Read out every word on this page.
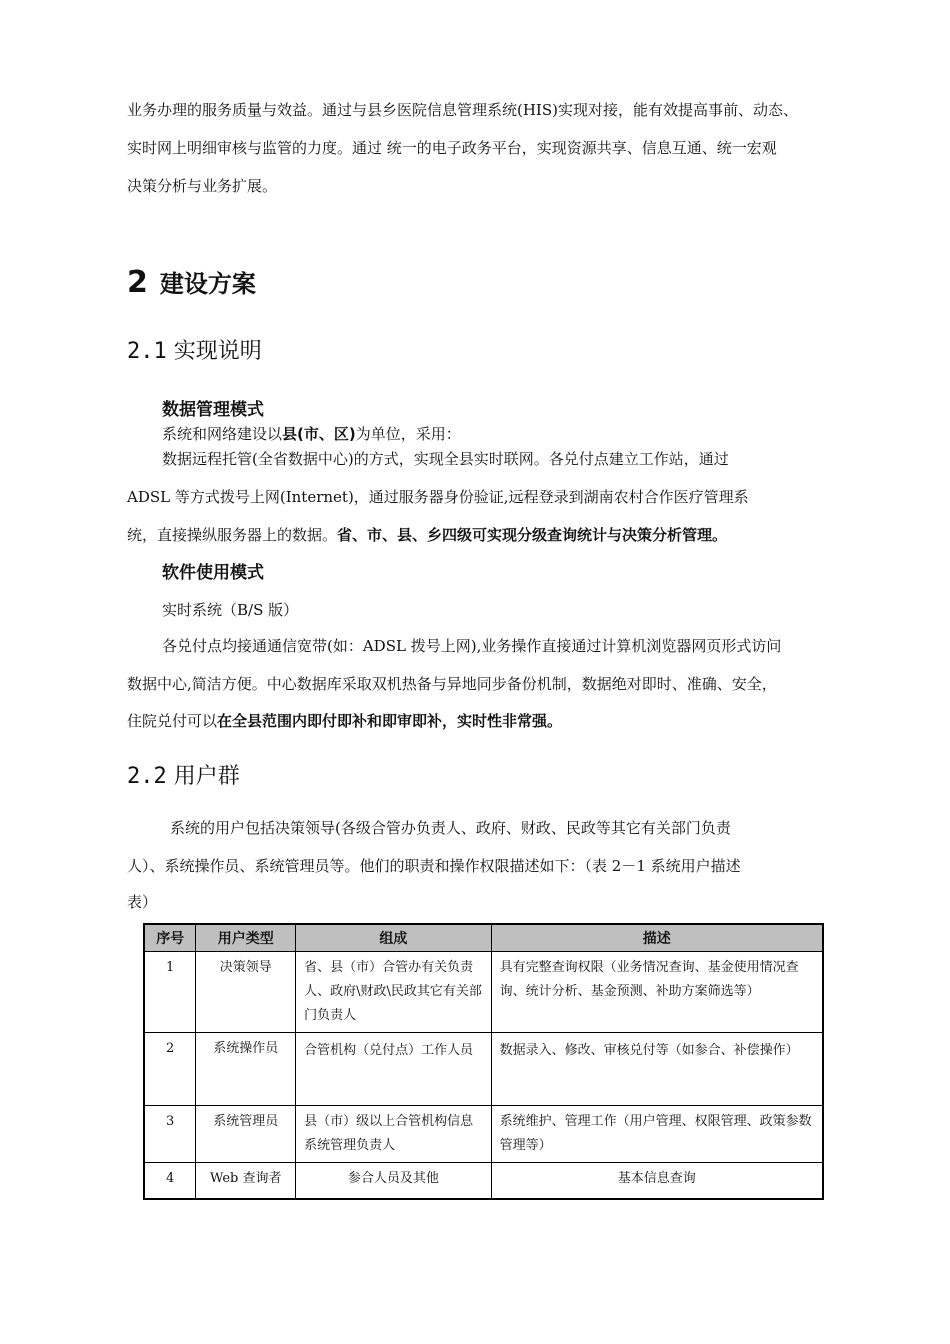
业务办理的服务质量与效益。通过与县乡医院信息管理系统(HIS)实现对接，能有效提高事前、动态、
实时网上明细审核与监管的力度。通过 统一的电子政务平台，实现资源共享、信息互通、统一宏观
决策分析与业务扩展。
2 建设方案
2.1 实现说明
数据管理模式
系统和网络建设以县(市、区)为单位，采用：
数据远程托管(全省数据中心)的方式，实现全县实时联网。各兑付点建立工作站，通过
ADSL 等方式拨号上网(Internet)，通过服务器身份验证,远程登录到湖南农村合作医疗管理系
统，直接操纵服务器上的数据。省、市、县、乡四级可实现分级查询统计与决策分析管理。
软件使用模式
实时系统（B/S 版）
各兑付点均接通通信宽带(如：ADSL 拨号上网),业务操作直接通过计算机浏览器网页形式访问
数据中心,简洁方便。中心数据库采取双机热备与异地同步备份机制，数据绝对即时、准确、安全，
住院兑付可以在全县范围内即付即补和即审即补，实时性非常强。
2.2 用户群
系统的用户包括决策领导(各级合管办负责人、政府、财政、民政等其它有关部门负责
人）、系统操作员、系统管理员等。他们的职责和操作权限描述如下：（表 2－1 系统用户描述
表）
序号	用户类型	组成	描述
1	决策领导	省、县（市）合管办有关负责人、政府\财政\民政其它有关部门负责人	具有完整查询权限（业务情况查询、基金使用情况查询、统计分析、基金预测、补助方案筛选等）
2	系统操作员	合管机构（兑付点）工作人员	数据录入、修改、审核兑付等（如参合、补偿操作）
3	系统管理员	县（市）级以上合管机构信息系统管理负责人	系统维护、管理工作（用户管理、权限管理、政策参数管理等）
4	Web 查询者	参合人员及其他	基本信息查询
